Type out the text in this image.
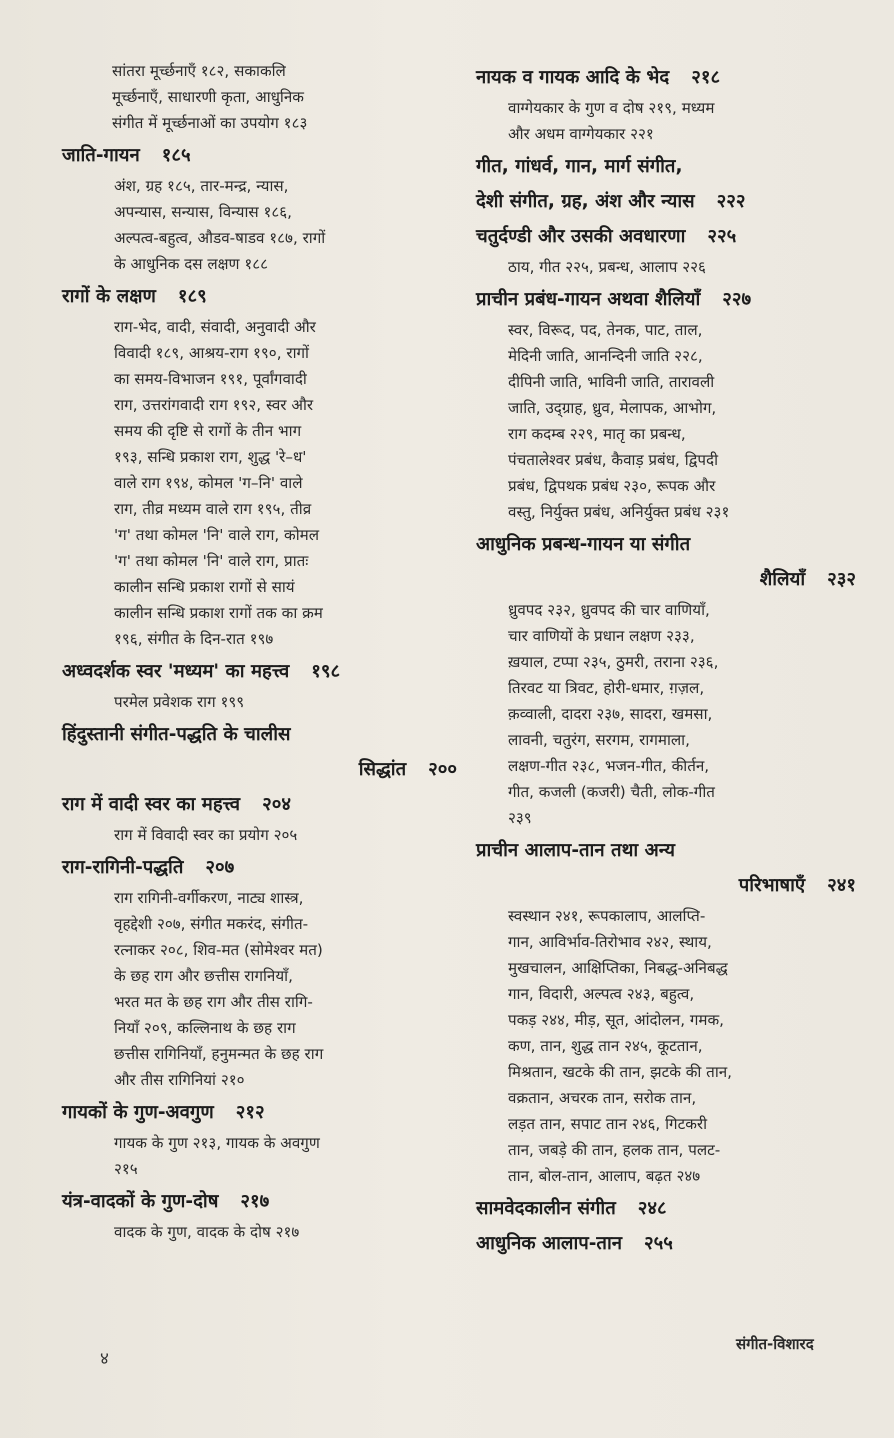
सांतरा मूर्च्छनाएँ १८२, सकाकलि
मूर्च्छनाएँ, साधारणी कृता, आधुनिक
संगीत में मूर्च्छनाओं का उपयोग १८३
जाति-गायन १८५
अंश, ग्रह १८५, तार-मन्द्र, न्यास,
अपन्यास, सन्यास, विन्यास १८६,
अल्पत्व-बहुत्व, औडव-षाडव १८७, रागों
के आधुनिक दस लक्षण १८८
रागों के लक्षण १८९
राग-भेद, वादी, संवादी, अनुवादी और
विवादी १८९, आश्रय-राग १९०, रागों
का समय-विभाजन १९१, पूर्वांगवादी
राग, उत्तरांगवादी राग १९२, स्वर और
समय की दृष्टि से रागों के तीन भाग
१९३, सन्धि प्रकाश राग, शुद्ध 'रे–ध'
वाले राग १९४, कोमल 'ग–नि' वाले
राग, तीव्र मध्यम वाले राग १९५, तीव्र
'ग' तथा कोमल 'नि' वाले राग, कोमल
'ग' तथा कोमल 'नि' वाले राग, प्रातः
कालीन सन्धि प्रकाश रागों से सायं
कालीन सन्धि प्रकाश रागों तक का क्रम
१९६, संगीत के दिन-रात १९७
अध्वदर्शक स्वर 'मध्यम' का महत्त्व १९८
परमेल प्रवेशक राग १९९
हिंदुस्तानी संगीत-पद्धति के चालीस
सिद्धांत २००
राग में वादी स्वर का महत्त्व २०४
राग में विवादी स्वर का प्रयोग २०५
राग-रागिनी-पद्धति २०७
राग रागिनी-वर्गीकरण, नाट्य शास्त्र,
वृहद्देशी २०७, संगीत मकरंद, संगीत-
रत्नाकर २०८, शिव-मत (सोमेश्वर मत)
के छह राग और छत्तीस रागनियाँ,
भरत मत के छह राग और तीस रागि-
नियाँ २०९, कल्लिनाथ के छह राग
छत्तीस रागिनियाँ, हनुमन्मत के छह राग
और तीस रागिनियां २१०
गायकों के गुण-अवगुण २१२
गायक के गुण २१३, गायक के अवगुण
२१५
यंत्र-वादकों के गुण-दोष २१७
वादक के गुण, वादक के दोष २१७
नायक व गायक आदि के भेद २१८
वाग्गेयकार के गुण व दोष २१९, मध्यम
और अधम वाग्गेयकार २२१
गीत, गांधर्व, गान, मार्ग संगीत,
देशी संगीत, ग्रह, अंश और न्यास २२२
चतुर्दण्डी और उसकी अवधारणा २२५
ठाय, गीत २२५, प्रबन्ध, आलाप २२६
प्राचीन प्रबंध-गायन अथवा शैलियाँ २२७
स्वर, विरूद, पद, तेनक, पाट, ताल,
मेदिनी जाति, आनन्दिनी जाति २२८,
दीपिनी जाति, भाविनी जाति, तारावली
जाति, उद्ग्राह, ध्रुव, मेलापक, आभोग,
राग कदम्ब २२९, मातृ का प्रबन्ध,
पंचतालेश्वर प्रबंध, कैवाड़ प्रबंध, द्विपदी
प्रबंध, द्विपथक प्रबंध २३०, रूपक और
वस्तु, निर्युक्त प्रबंध, अनिर्युक्त प्रबंध २३१
आधुनिक प्रबन्ध-गायन या संगीत
शैलियाँ २३२
ध्रुवपद २३२, ध्रुवपद की चार वाणियाँ,
चार वाणियों के प्रधान लक्षण २३३,
ख़याल, टप्पा २३५, ठुमरी, तराना २३६,
तिरवट या त्रिवट, होरी-धमार, ग़ज़ल,
क़व्वाली, दादरा २३७, सादरा, खमसा,
लावनी, चतुरंग, सरगम, रागमाला,
लक्षण-गीत २३८, भजन-गीत, कीर्तन,
गीत, कजली (कजरी) चैती, लोक-गीत
२३९
प्राचीन आलाप-तान तथा अन्य
परिभाषाएँ २४१
स्वस्थान २४१, रूपकालाप, आलप्ति-
गान, आविर्भाव-तिरोभाव २४२, स्थाय,
मुखचालन, आक्षिप्तिका, निबद्ध-अनिबद्ध
गान, विदारी, अल्पत्व २४३, बहुत्व,
पकड़ २४४, मीड़, सूत, आंदोलन, गमक,
कण, तान, शुद्ध तान २४५, कूटतान,
मिश्रतान, खटके की तान, झटके की तान,
वक्रतान, अचरक तान, सरोक तान,
लड़त तान, सपाट तान २४६, गिटकरी
तान, जबड़े की तान, हलक तान, पलट-
तान, बोल-तान, आलाप, बढ़त २४७
सामवेदकालीन संगीत २४८
आधुनिक आलाप-तान २५५
४
संगीत-विशारद
